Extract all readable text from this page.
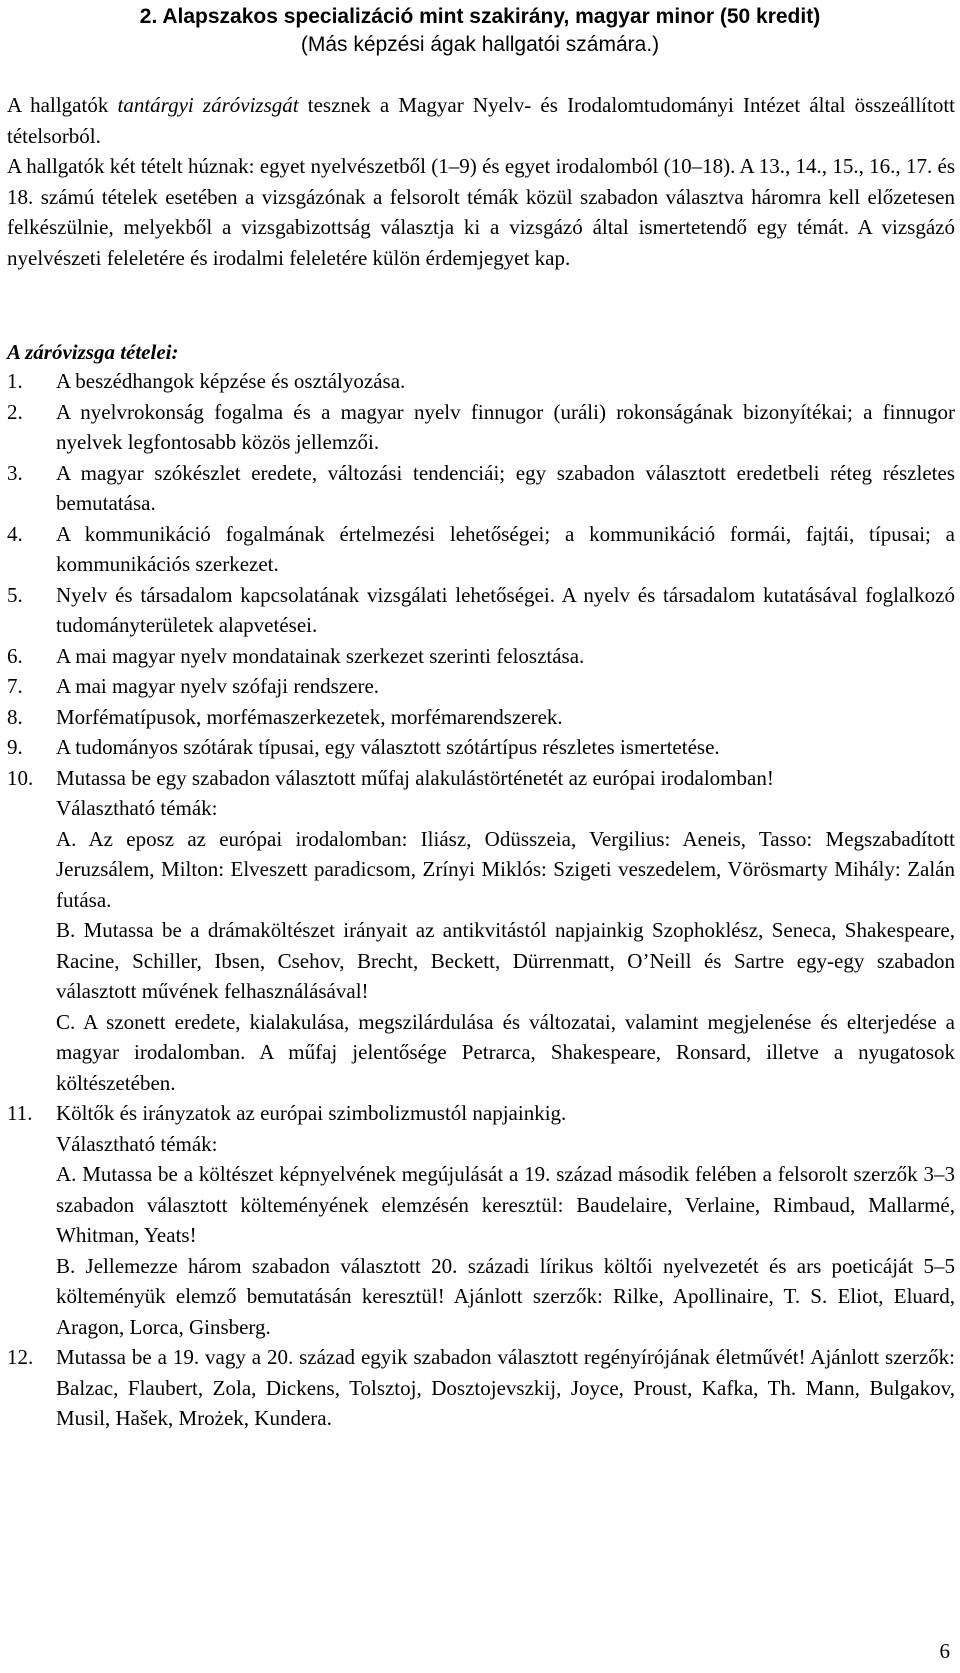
2. Alapszakos specializáció mint szakirány, magyar minor (50 kredit)
(Más képzési ágak hallgatói számára.)

A hallgatók tantárgyi záróvizsgát tesznek a Magyar Nyelv- és Irodalomtudományi Intézet által összeállított tételsorból.

A hallgatók két tételt húznak: egyet nyelvészetből (1–9) és egyet irodalomból (10–18). A 13., 14., 15., 16., 17. és 18. számú tételek esetében a vizsgázónak a felsorolt témák közül szabadon választva háromra kell előzetesen felkészülnie, melyekből a vizsgabizottság választja ki a vizsgázó által ismertetendő egy témát. A vizsgázó nyelvészeti feleletére és irodalmi feleletére külön érdemjegyet kap.

A záróvizsga tételei:
1.	A beszédhangok képzése és osztályozása.

2.	A nyelvrokonság fogalma és a magyar nyelv finnugor (uráli) rokonságának bizonyítékai; a finnugor nyelvek legfontosabb közös jellemzői.

3.	A magyar szókészlet eredete, változási tendenciái; egy szabadon választott eredetbeli réteg részletes bemutatása.

4.	A kommunikáció fogalmának értelmezési lehetőségei; a kommunikáció formái, fajtái, típusai; a kommunikációs szerkezet.

5.	Nyelv és társadalom kapcsolatának vizsgálati lehetőségei. A nyelv és társadalom kutatásával foglalkozó tudományterületek alapvetései.

6.	A mai magyar nyelv mondatainak szerkezet szerinti felosztása.

7.	A mai magyar nyelv szófaji rendszere.

8.	Morfématípusok, morfémaszerkezetek, morfémarendszerek.

9.	A tudományos szótárak típusai, egy választott szótártípus részletes ismertetése.

10.	Mutassa be egy szabadon választott műfaj alakulástörténetét az európai irodalomban!

Választható témák:

A. Az eposz az európai irodalomban: Iliász, Odüsszeia, Vergilius: Aeneis, Tasso: Megszabadított Jeruzsálem, Milton: Elveszett paradicsom, Zrínyi Miklós: Szigeti veszedelem, Vörösmarty Mihály: Zalán futása.

B. Mutassa be a drámaköltészet irányait az antikvitástól napjainkig Szophoklész, Seneca, Shakespeare, Racine, Schiller, Ibsen, Csehov, Brecht, Beckett, Dürrenmatt, O’Neill és Sartre egy-egy szabadon választott művének felhasználásával!

C. A szonett eredete, kialakulása, megszilárdulása és változatai, valamint megjelenése és elterjedése a magyar irodalomban. A műfaj jelentősége Petrarca, Shakespeare, Ronsard, illetve a nyugatosok költészetében.

11.	Költők és irányzatok az európai szimbolizmustól napjainkig.

Választható témák:

A. Mutassa be a költészet képnyelvének megújulását a 19. század második felében a felsorolt szerzők 3–3 szabadon választott költeményének elemzésén keresztül: Baudelaire, Verlaine, Rimbaud, Mallarmé, Whitman, Yeats!

B. Jellemezze három szabadon választott 20. századi lírikus költői nyelvezetét és ars poeticáját 5–5 költeményük elemző bemutatásán keresztül! Ajánlott szerzők: Rilke, Apollinaire, T. S. Eliot, Eluard, Aragon, Lorca, Ginsberg.

12.	Mutassa be a 19. vagy a 20. század egyik szabadon választott regényírójának életművét! Ajánlott szerzők: Balzac, Flaubert, Zola, Dickens, Tolsztoj, Dosztojevszkij, Joyce, Proust, Kafka, Th. Mann, Bulgakov, Musil, Hašek, Mrożek, Kundera.

6
